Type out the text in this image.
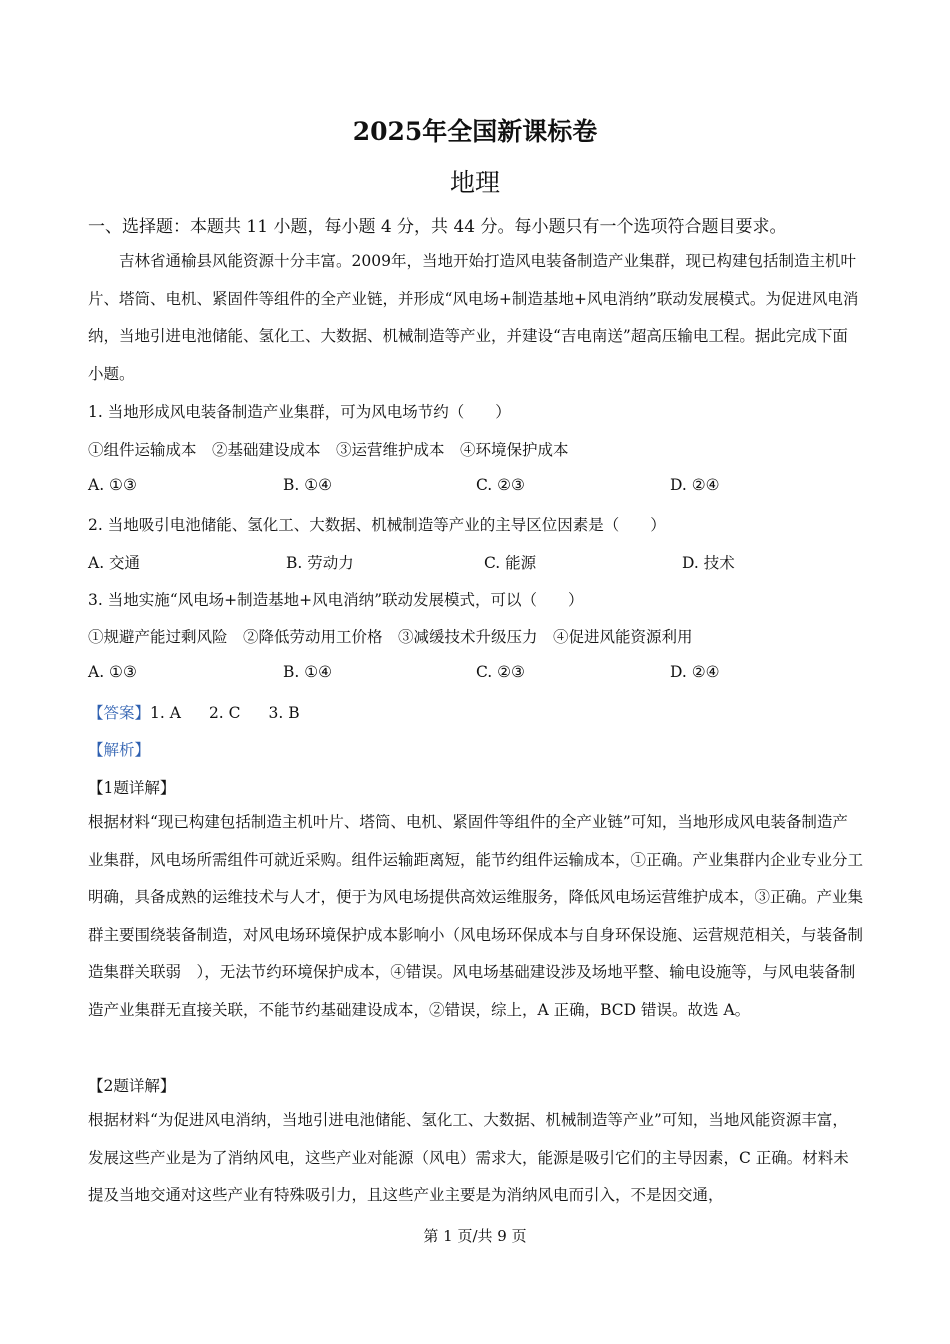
2025年全国新课标卷
地理
一、选择题：本题共 11 小题，每小题 4 分，共 44 分。每小题只有一个选项符合题目要求。
吉林省通榆县风能资源十分丰富。2009年，当地开始打造风电装备制造产业集群，现已构建包括制造主机叶片、塔筒、电机、紧固件等组件的全产业链，并形成“风电场+制造基地+风电消纳”联动发展模式。为促进风电消纳，当地引进电池储能、氢化工、大数据、机械制造等产业，并建设“吉电南送”超高压输电工程。据此完成下面小题。
1. 当地形成风电装备制造产业集群，可为风电场节约（　　）
①组件运输成本　②基础建设成本　③运营维护成本　④环境保护成本
A. ①③	B. ①④	C. ②③	D. ②④
2. 当地吸引电池储能、氢化工、大数据、机械制造等产业的主导区位因素是（　　）
A. 交通	B. 劳动力	C. 能源	D. 技术
3. 当地实施“风电场+制造基地+风电消纳”联动发展模式，可以（　　）
①规避产能过剩风险　②降低劳动用工价格　③减缓技术升级压力　④促进风能资源利用
A. ①③	B. ①④	C. ②③	D. ②④
【答案】1. A 2. C 3. B
【解析】
【1题详解】
根据材料“现已构建包括制造主机叶片、塔筒、电机、紧固件等组件的全产业链”可知，当地形成风电装备制造产业集群，风电场所需组件可就近采购。组件运输距离短，能节约组件运输成本，①正确。产业集群内企业专业分工明确，具备成熟的运维技术与人才，便于为风电场提供高效运维服务，降低风电场运营维护成本，③正确。产业集群主要围绕装备制造，对风电场环境保护成本影响小（风电场环保成本与自身环保设施、运营规范相关，与装备制造集群关联弱　），无法节约环境保护成本，④错误。风电场基础建设涉及场地平整、输电设施等，与风电装备制造产业集群无直接关联，不能节约基础建设成本，②错误，综上，A 正确，BCD 错误。故选 A。
【2题详解】
根据材料“为促进风电消纳，当地引进电池储能、氢化工、大数据、机械制造等产业”可知，当地风能资源丰富，发展这些产业是为了消纳风电，这些产业对能源（风电）需求大，能源是吸引它们的主导因素，C 正确。材料未提及当地交通对这些产业有特殊吸引力，且这些产业主要是为消纳风电而引入，不是因交通，
第 1 页/共 9 页
